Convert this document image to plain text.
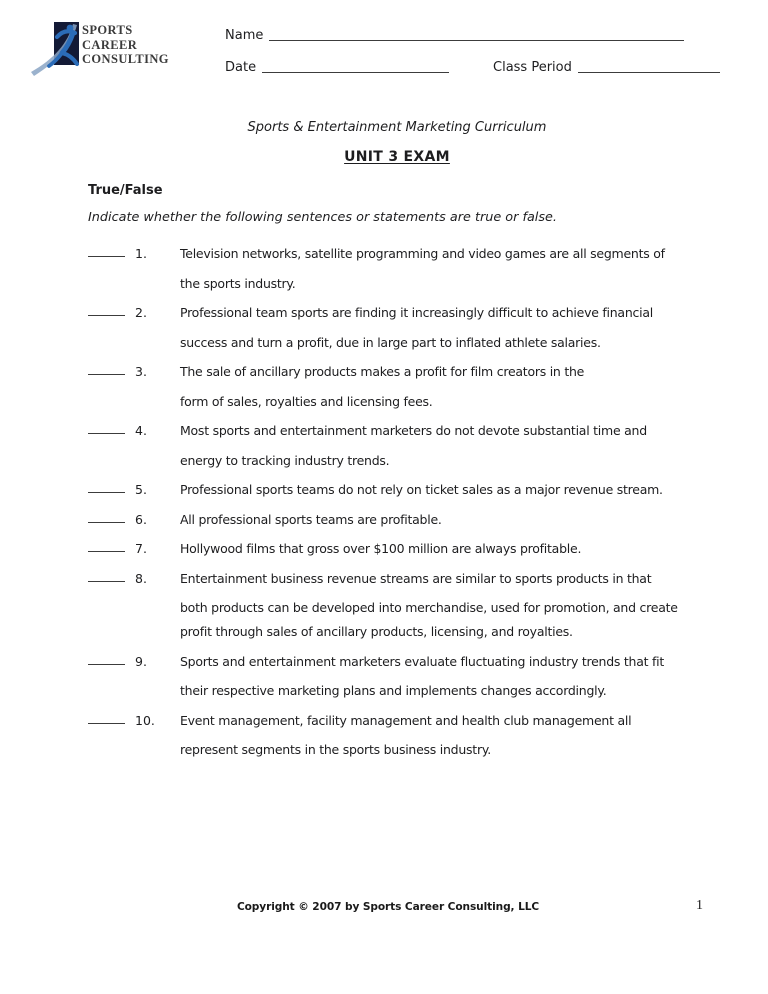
SPORTS
CAREER
CONSULTING
Name
Date	Class Period
Sports & Entertainment Marketing Curriculum
UNIT 3 EXAM
True/False
Indicate whether the following sentences or statements are true or false.
1.	Television networks, satellite programming and video games are all segments of
the sports industry.
2.	Professional team sports are finding it increasingly difficult to achieve financial
success and turn a profit, due in large part to inflated athlete salaries.
3.	The sale of ancillary products makes a profit for film creators in the
form of sales, royalties and licensing fees.
4.	Most sports and entertainment marketers do not devote substantial time and
energy to tracking industry trends.
5.	Professional sports teams do not rely on ticket sales as a major revenue stream.
6.	All professional sports teams are profitable.
7.	Hollywood films that gross over $100 million are always profitable.
8.	Entertainment business revenue streams are similar to sports products in that
both products can be developed into merchandise, used for promotion, and create
profit through sales of ancillary products, licensing, and royalties.
9.	Sports and entertainment marketers evaluate fluctuating industry trends that fit
their respective marketing plans and implements changes accordingly.
10. Event management, facility management and health club management all
represent segments in the sports business industry.
Copyright © 2007 by Sports Career Consulting, LLC	1
